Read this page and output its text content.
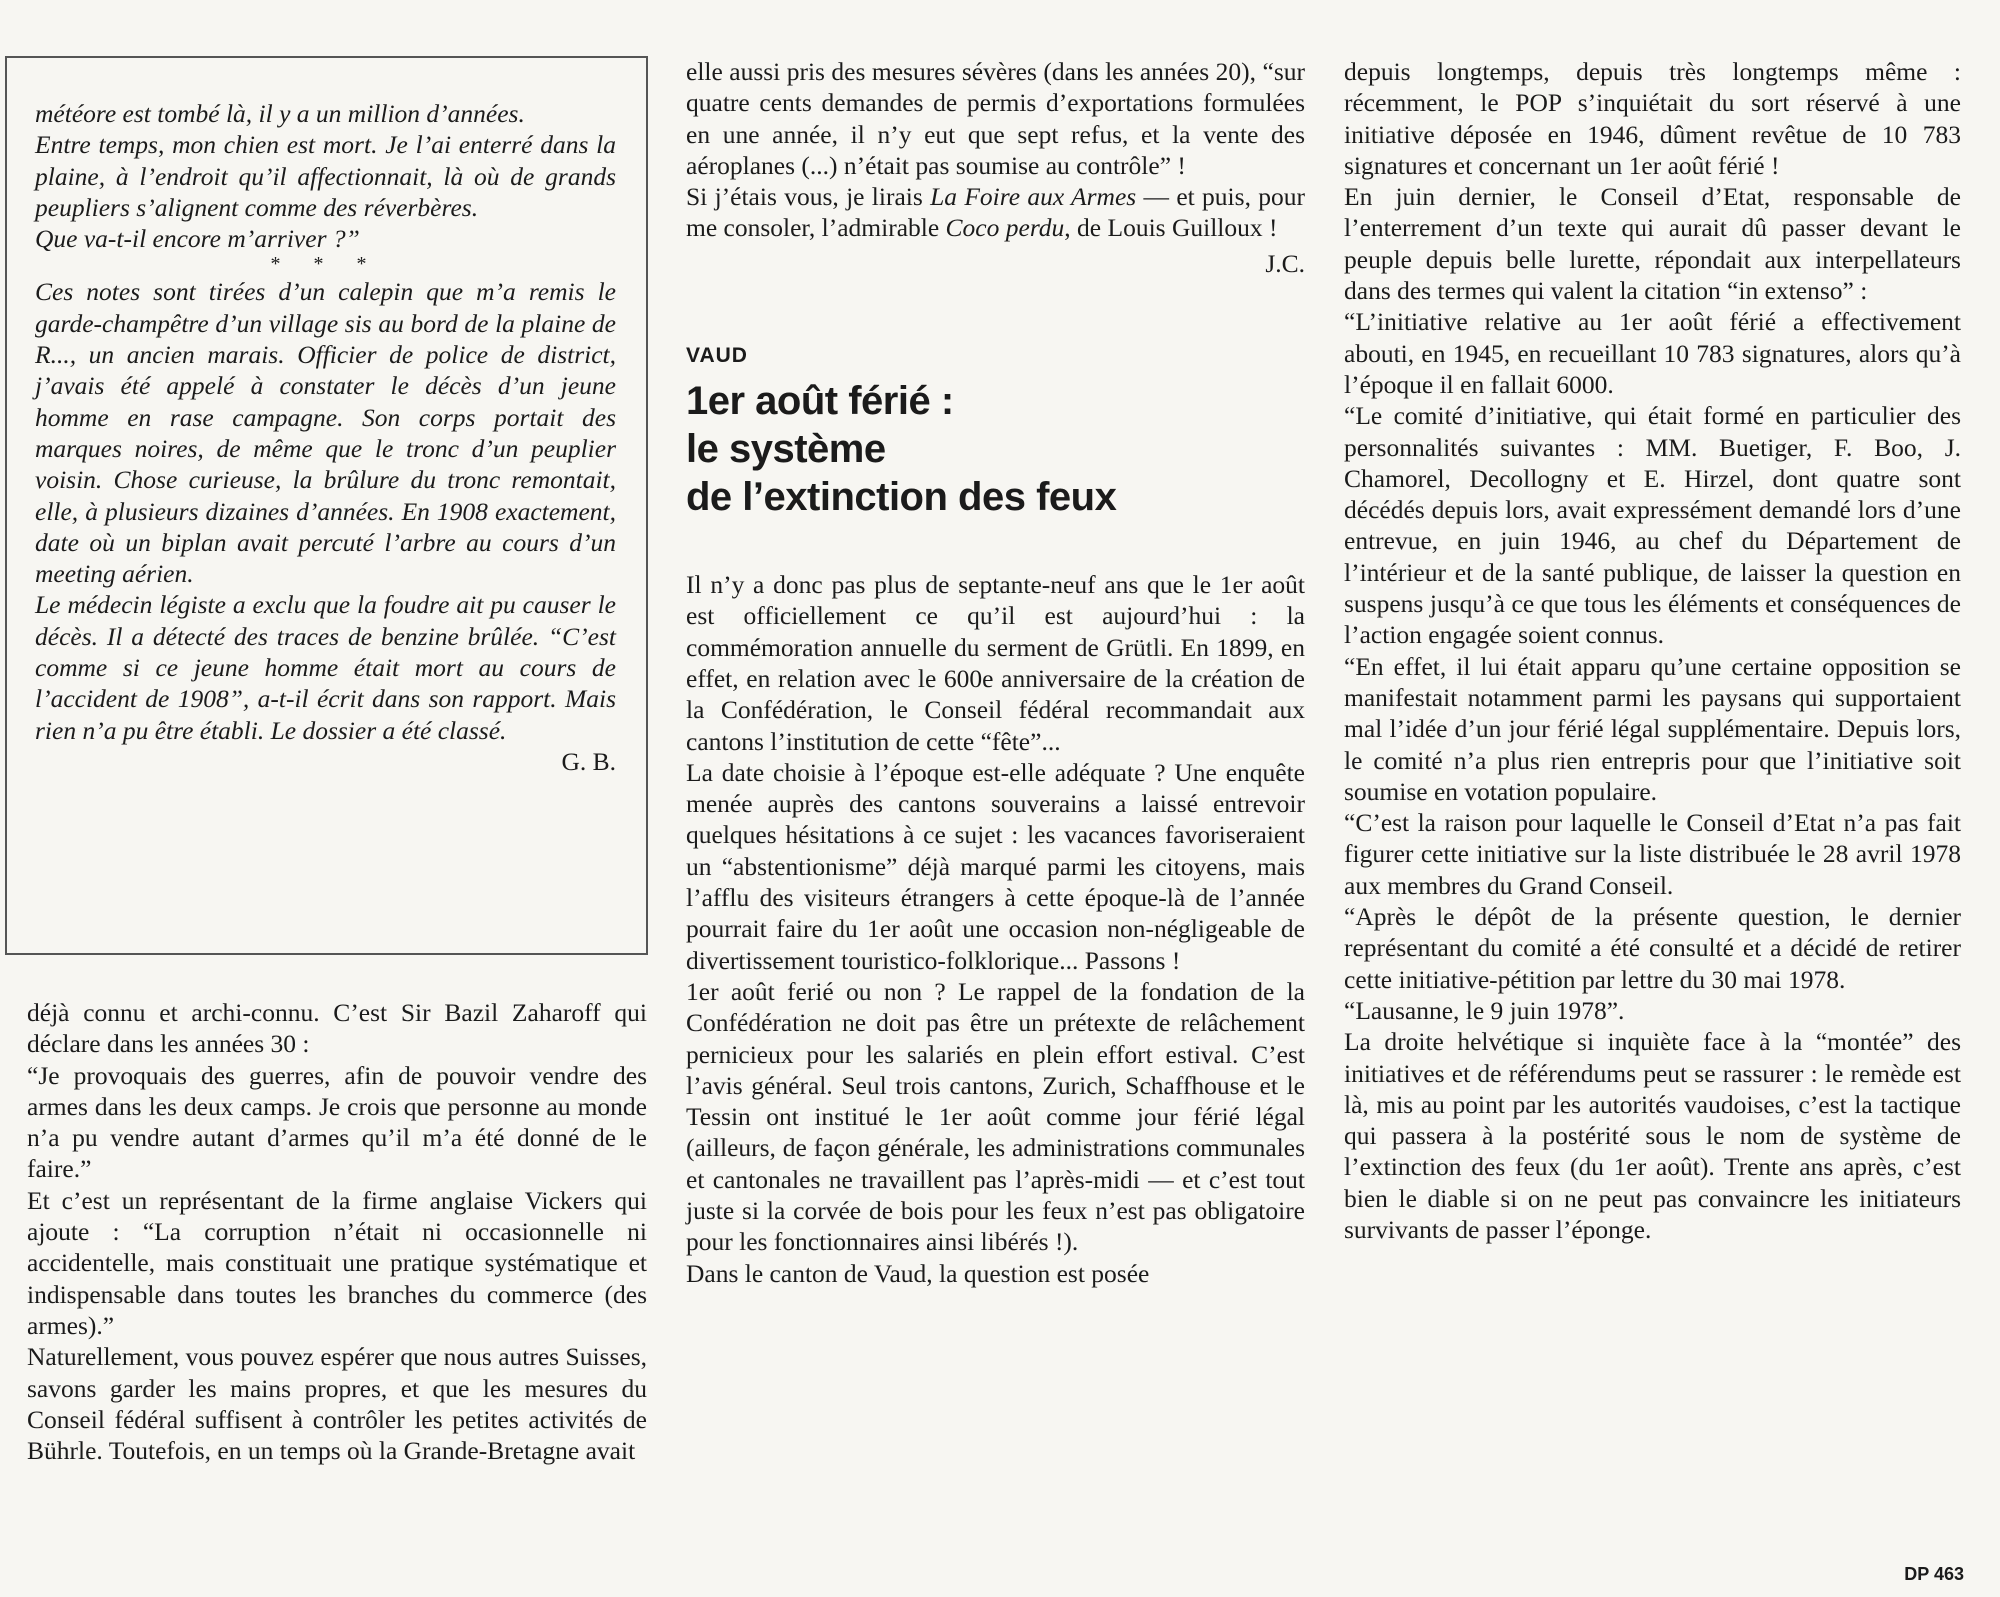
météore est tombé là, il y a un million d’années.

Entre temps, mon chien est mort. Je l’ai enterré dans la plaine, à l’endroit qu’il affectionnait, là où de grands peupliers s’alignent comme des réverbères.

Que va-t-il encore m’arriver ?”

* * *

Ces notes sont tirées d’un calepin que m’a remis le garde-champêtre d’un village sis au bord de la plaine de R..., un ancien marais. Officier de police de district, j’avais été appelé à constater le décès d’un jeune homme en rase campagne. Son corps portait des marques noires, de même que le tronc d’un peuplier voisin. Chose curieuse, la brûlure du tronc remontait, elle, à plusieurs dizaines d’années. En 1908 exactement, date où un biplan avait percuté l’arbre au cours d’un meeting aérien.

Le médecin légiste a exclu que la foudre ait pu causer le décès. Il a détecté des traces de benzine brûlée. “C’est comme si ce jeune homme était mort au cours de l’accident de 1908”, a-t-il écrit dans son rapport. Mais rien n’a pu être établi. Le dossier a été classé.

G. B.

déjà connu et archi-connu. C’est Sir Bazil Zaharoff qui déclare dans les années 30 :

“Je provoquais des guerres, afin de pouvoir vendre des armes dans les deux camps. Je crois que personne au monde n’a pu vendre autant d’armes qu’il m’a été donné de le faire.”

Et c’est un représentant de la firme anglaise Vickers qui ajoute : “La corruption n’était ni occasionnelle ni accidentelle, mais constituait une pratique systématique et indispensable dans toutes les branches du commerce (des armes).”

Naturellement, vous pouvez espérer que nous autres Suisses, savons garder les mains propres, et que les mesures du Conseil fédéral suffisent à contrôler les petites activités de Bührle. Toutefois, en un temps où la Grande-Bretagne avait

elle aussi pris des mesures sévères (dans les années 20), “sur quatre cents demandes de permis d’exportations formulées en une année, il n’y eut que sept refus, et la vente des aéroplanes (...) n’était pas soumise au contrôle” !

Si j’étais vous, je lirais La Foire aux Armes — et puis, pour me consoler, l’admirable Coco perdu, de Louis Guilloux !

J.C.

VAUD

1er août férié :
le système
de l’extinction des feux

Il n’y a donc pas plus de septante-neuf ans que le 1er août est officiellement ce qu’il est aujourd’hui : la commémoration annuelle du serment de Grütli. En 1899, en effet, en relation avec le 600e anniversaire de la création de la Confédération, le Conseil fédéral recommandait aux cantons l’institution de cette “fête”...

La date choisie à l’époque est-elle adéquate ? Une enquête menée auprès des cantons souverains a laissé entrevoir quelques hésitations à ce sujet : les vacances favoriseraient un “abstentionisme” déjà marqué parmi les citoyens, mais l’afflu des visiteurs étrangers à cette époque-là de l’année pourrait faire du 1er août une occasion non-négligeable de divertissement touristico-folklorique... Passons !

1er août ferié ou non ? Le rappel de la fondation de la Confédération ne doit pas être un prétexte de relâchement pernicieux pour les salariés en plein effort estival. C’est l’avis général. Seul trois cantons, Zurich, Schaffhouse et le Tessin ont institué le 1er août comme jour férié légal (ailleurs, de façon générale, les administrations communales et cantonales ne travaillent pas l’après-midi — et c’est tout juste si la corvée de bois pour les feux n’est pas obligatoire pour les fonctionnaires ainsi libérés !).

Dans le canton de Vaud, la question est posée

depuis longtemps, depuis très longtemps même : récemment, le POP s’inquiétait du sort réservé à une initiative déposée en 1946, dûment revêtue de 10 783 signatures et concernant un 1er août férié !

En juin dernier, le Conseil d’Etat, responsable de l’enterrement d’un texte qui aurait dû passer devant le peuple depuis belle lurette, répondait aux interpellateurs dans des termes qui valent la citation “in extenso” :

“L’initiative relative au 1er août férié a effectivement abouti, en 1945, en recueillant 10 783 signatures, alors qu’à l’époque il en fallait 6000.

“Le comité d’initiative, qui était formé en particulier des personnalités suivantes : MM. Buetiger, F. Boo, J. Chamorel, Decollogny et E. Hirzel, dont quatre sont décédés depuis lors, avait expressément demandé lors d’une entrevue, en juin 1946, au chef du Département de l’intérieur et de la santé publique, de laisser la question en suspens jusqu’à ce que tous les éléments et conséquences de l’action engagée soient connus.

“En effet, il lui était apparu qu’une certaine opposition se manifestait notamment parmi les paysans qui supportaient mal l’idée d’un jour férié légal supplémentaire. Depuis lors, le comité n’a plus rien entrepris pour que l’initiative soit soumise en votation populaire.

“C’est la raison pour laquelle le Conseil d’Etat n’a pas fait figurer cette initiative sur la liste distribuée le 28 avril 1978 aux membres du Grand Conseil.

“Après le dépôt de la présente question, le dernier représentant du comité a été consulté et a décidé de retirer cette initiative-pétition par lettre du 30 mai 1978.

“Lausanne, le 9 juin 1978”.

La droite helvétique si inquiète face à la “montée” des initiatives et de référendums peut se rassurer : le remède est là, mis au point par les autorités vaudoises, c’est la tactique qui passera à la postérité sous le nom de système de l’extinction des feux (du 1er août). Trente ans après, c’est bien le diable si on ne peut pas convaincre les initiateurs survivants de passer l’éponge.

DP 463
